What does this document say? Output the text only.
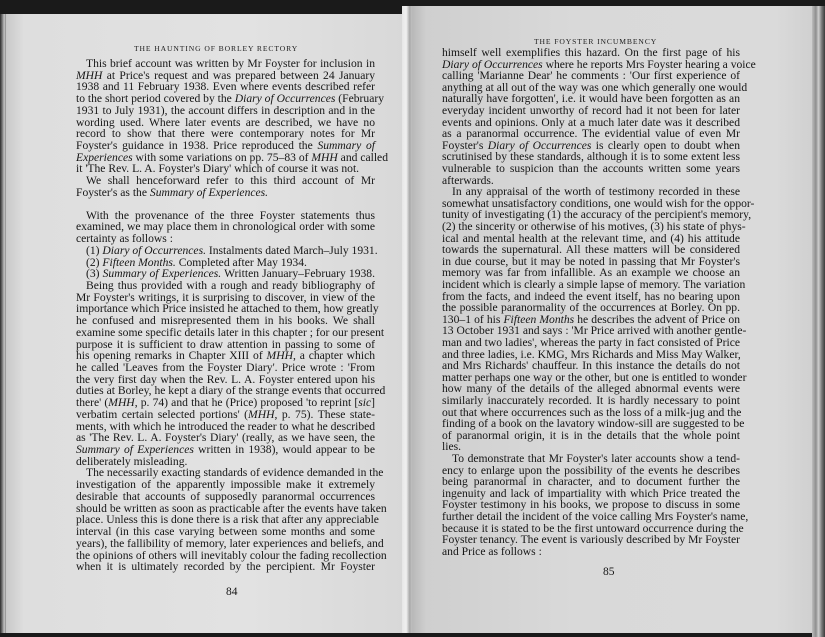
THE HAUNTING OF BORLEY RECTORY
This brief account was written by Mr Foyster for inclusion in
MHH at Price's request and was prepared between 24 January
1938 and 11 February 1938. Even where events described refer
to the short period covered by the Diary of Occurrences (February
1931 to July 1931), the account differs in description and in the
wording used. Where later events are described, we have no
record to show that there were contemporary notes for Mr
Foyster's guidance in 1938. Price reproduced the Summary of
Experiences with some variations on pp. 75–83 of MHH and called
it 'The Rev. L. A. Foyster's Diary' which of course it was not.
We shall henceforward refer to this third account of Mr
Foyster's as the Summary of Experiences.
With the provenance of the three Foyster statements thus
examined, we may place them in chronological order with some
certainty as follows :
(1) Diary of Occurrences. Instalments dated March–July 1931.
(2) Fifteen Months. Completed after May 1934.
(3) Summary of Experiences. Written January–February 1938.
Being thus provided with a rough and ready bibliography of
Mr Foyster's writings, it is surprising to discover, in view of the
importance which Price insisted he attached to them, how greatly
he confused and misrepresented them in his books. We shall
examine some specific details later in this chapter ; for our present
purpose it is sufficient to draw attention in passing to some of
his opening remarks in Chapter XIII of MHH, a chapter which
he called 'Leaves from the Foyster Diary'. Price wrote : 'From
the very first day when the Rev. L. A. Foyster entered upon his
duties at Borley, he kept a diary of the strange events that occurred
there' (MHH, p. 74) and that he (Price) proposed 'to reprint [sic]
verbatim certain selected portions' (MHH, p. 75). These state-
ments, with which he introduced the reader to what he described
as 'The Rev. L. A. Foyster's Diary' (really, as we have seen, the
Summary of Experiences written in 1938), would appear to be
deliberately misleading.
The necessarily exacting standards of evidence demanded in the
investigation of the apparently impossible make it extremely
desirable that accounts of supposedly paranormal occurrences
should be written as soon as practicable after the events have taken
place. Unless this is done there is a risk that after any appreciable
interval (in this case varying between some months and some
years), the fallibility of memory, later experiences and beliefs, and
the opinions of others will inevitably colour the fading recollection
when it is ultimately recorded by the percipient. Mr Foyster
84
THE FOYSTER INCUMBENCY
himself well exemplifies this hazard. On the first page of his
Diary of Occurrences where he reports Mrs Foyster hearing a voice
calling 'Marianne Dear' he comments : 'Our first experience of
anything at all out of the way was one which generally one would
naturally have forgotten', i.e. it would have been forgotten as an
everyday incident unworthy of record had it not been for later
events and opinions. Only at a much later date was it described
as a paranormal occurrence. The evidential value of even Mr
Foyster's Diary of Occurrences is clearly open to doubt when
scrutinised by these standards, although it is to some extent less
vulnerable to suspicion than the accounts written some years
afterwards.
In any appraisal of the worth of testimony recorded in these
somewhat unsatisfactory conditions, one would wish for the oppor-
tunity of investigating (1) the accuracy of the percipient's memory,
(2) the sincerity or otherwise of his motives, (3) his state of phys-
ical and mental health at the relevant time, and (4) his attitude
towards the supernatural. All these matters will be considered
in due course, but it may be noted in passing that Mr Foyster's
memory was far from infallible. As an example we choose an
incident which is clearly a simple lapse of memory. The variation
from the facts, and indeed the event itself, has no bearing upon
the possible paranormality of the occurrences at Borley. On pp.
130–1 of his Fifteen Months he describes the advent of Price on
13 October 1931 and says : 'Mr Price arrived with another gentle-
man and two ladies', whereas the party in fact consisted of Price
and three ladies, i.e. KMG, Mrs Richards and Miss May Walker,
and Mrs Richards' chauffeur. In this instance the details do not
matter perhaps one way or the other, but one is entitled to wonder
how many of the details of the alleged abnormal events were
similarly inaccurately recorded. It is hardly necessary to point
out that where occurrences such as the loss of a milk-jug and the
finding of a book on the lavatory window-sill are suggested to be
of paranormal origin, it is in the details that the whole point
lies.
To demonstrate that Mr Foyster's later accounts show a tend-
ency to enlarge upon the possibility of the events he describes
being paranormal in character, and to document further the
ingenuity and lack of impartiality with which Price treated the
Foyster testimony in his books, we propose to discuss in some
further detail the incident of the voice calling Mrs Foyster's name,
because it is stated to be the first untoward occurrence during the
Foyster tenancy. The event is variously described by Mr Foyster
and Price as follows :
85
